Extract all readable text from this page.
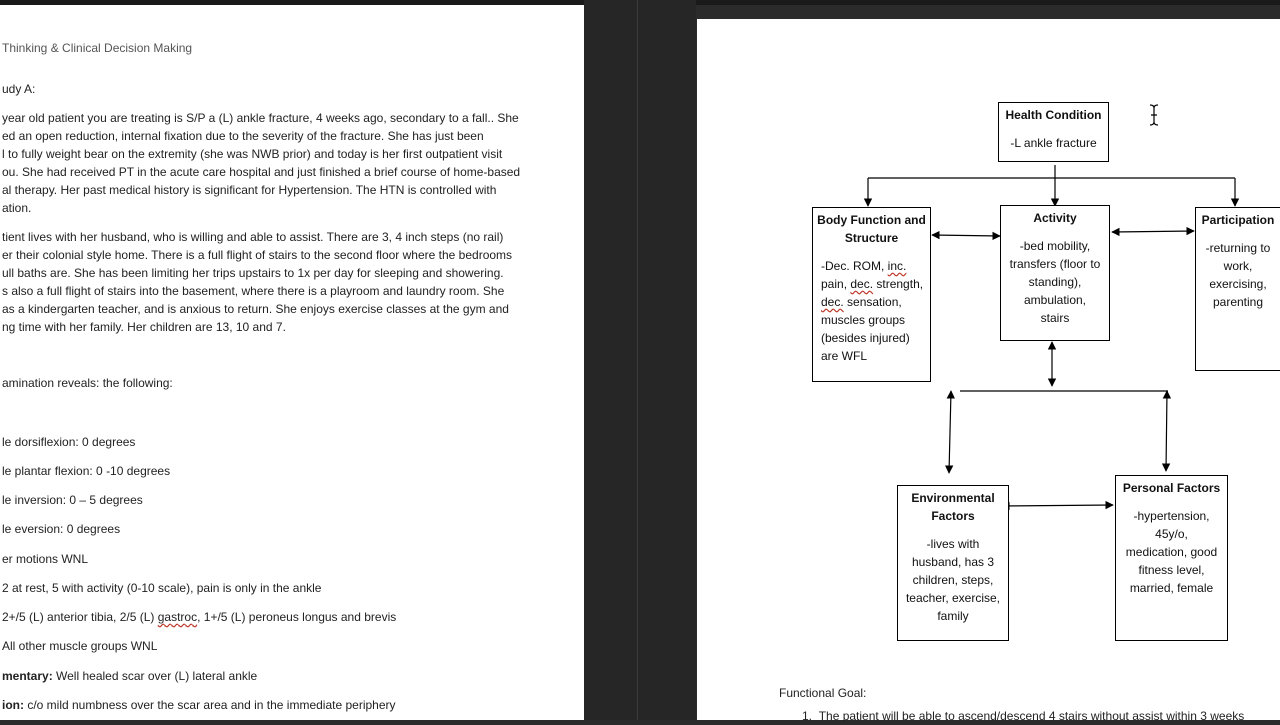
Thinking & Clinical Decision Making
udy A:
year old patient you are treating is S/P a (L) ankle fracture, 4 weeks ago, secondary to a fall.. She
ed an open reduction, internal fixation due to the severity of the fracture. She has just been
l to fully weight bear on the extremity (she was NWB prior) and today is her first outpatient visit
ou. She had received PT in the acute care hospital and just finished a brief course of home-based
al therapy. Her past medical history is significant for Hypertension. The HTN is controlled with
ation.
tient lives with her husband, who is willing and able to assist. There are 3, 4 inch steps (no rail)
er their colonial style home. There is a full flight of stairs to the second floor where the bedrooms
ull baths are. She has been limiting her trips upstairs to 1x per day for sleeping and showering.
s also a full flight of stairs into the basement, where there is a playroom and laundry room. She
as a kindergarten teacher, and is anxious to return. She enjoys exercise classes at the gym and
ng time with her family. Her children are 13, 10 and 7.
amination reveals: the following:
le dorsiflexion: 0 degrees
le plantar flexion: 0 -10 degrees
le inversion: 0 – 5 degrees
le eversion: 0 degrees
er motions WNL
2 at rest, 5 with activity (0-10 scale), pain is only in the ankle
2+/5 (L) anterior tibia, 2/5 (L) gastroc, 1+/5 (L) peroneus longus and brevis
All other muscle groups WNL
mentary: Well healed scar over (L) lateral ankle
ion: c/o mild numbness over the scar area and in the immediate periphery
Health Condition
-L ankle fracture
Body Function and
Structure
-Dec. ROM, inc.
pain, dec. strength,
dec. sensation,
muscles groups
(besides injured)
are WFL
Activity
-bed mobility,
transfers (floor to
standing),
ambulation,
stairs
Participation
-returning to
work,
exercising,
parenting
Environmental
Factors
-lives with
husband, has 3
children, steps,
teacher, exercise,
family
Personal Factors
-hypertension,
45y/o,
medication, good
fitness level,
married, female
Functional Goal:
1.  The patient will be able to ascend/descend 4 stairs without assist within 3 weeks
